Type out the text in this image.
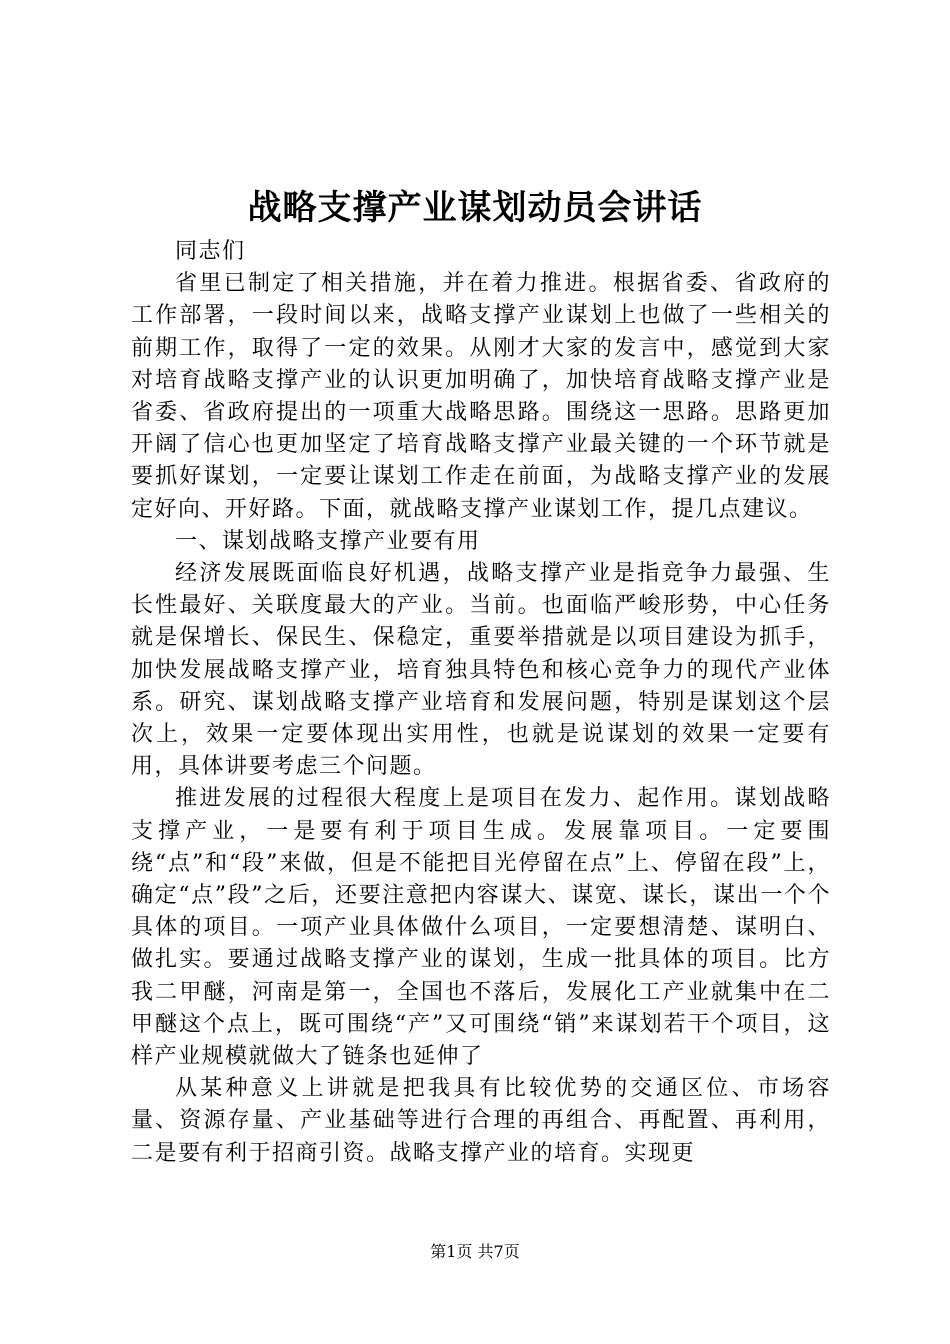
战略支撑产业谋划动员会讲话

同志们

省里已制定了相关措施，并在着力推进。根据省委、省政府的工作部署，一段时间以来，战略支撑产业谋划上也做了一些相关的前期工作，取得了一定的效果。从刚才大家的发言中，感觉到大家对培育战略支撑产业的认识更加明确了，加快培育战略支撑产业是省委、省政府提出的一项重大战略思路。围绕这一思路。思路更加开阔了信心也更加坚定了培育战略支撑产业最关键的一个环节就是要抓好谋划，一定要让谋划工作走在前面，为战略支撑产业的发展定好向、开好路。下面，就战略支撑产业谋划工作，提几点建议。

一、谋划战略支撑产业要有用

经济发展既面临良好机遇，战略支撑产业是指竞争力最强、生长性最好、关联度最大的产业。当前。也面临严峻形势，中心任务就是保增长、保民生、保稳定，重要举措就是以项目建设为抓手，加快发展战略支撑产业，培育独具特色和核心竞争力的现代产业体系。研究、谋划战略支撑产业培育和发展问题，特别是谋划这个层次上，效果一定要体现出实用性，也就是说谋划的效果一定要有用，具体讲要考虑三个问题。

推进发展的过程很大程度上是项目在发力、起作用。谋划战略支撑产业，一是要有利于项目生成。发展靠项目。一定要围绕“点”和“段”来做，但是不能把目光停留在点”上、停留在段”上，确定“点”段”之后，还要注意把内容谋大、谋宽、谋长，谋出一个个具体的项目。一项产业具体做什么项目，一定要想清楚、谋明白、做扎实。要通过战略支撑产业的谋划，生成一批具体的项目。比方我二甲醚，河南是第一，全国也不落后，发展化工产业就集中在二甲醚这个点上，既可围绕“产”又可围绕“销”来谋划若干个项目，这样产业规模就做大了链条也延伸了

从某种意义上讲就是把我具有比较优势的交通区位、市场容量、资源存量、产业基础等进行合理的再组合、再配置、再利用，二是要有利于招商引资。战略支撑产业的培育。实现更

第1页 共7页
